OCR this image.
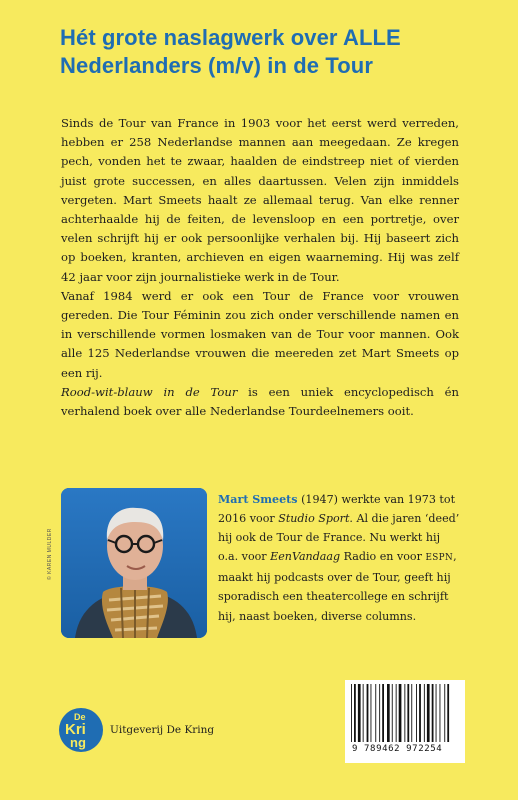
Hét grote naslagwerk over ALLE
Nederlanders (m/v) in de Tour

Sinds de Tour van France in 1903 voor het eerst werd verreden, hebben er 258 Nederlandse mannen aan meegedaan. Ze kregen pech, vonden het te zwaar, haalden de eindstreep niet of vierden juist grote successen, en alles daartussen. Velen zijn inmiddels vergeten. Mart Smeets haalt ze allemaal terug. Van elke renner achterhaalde hij de feiten, de levensloop en een portretje, over velen schrijft hij er ook persoonlijke verhalen bij. Hij baseert zich op boeken, kranten, archieven en eigen waarneming. Hij was zelf 42 jaar voor zijn journalistieke werk in de Tour.

Vanaf 1984 werd er ook een Tour de France voor vrouwen gereden. Die Tour Féminin zou zich onder verschillende namen en in verschillende vormen losmaken van de Tour voor mannen. Ook alle 125 Nederlandse vrouwen die meereden zet Mart Smeets op een rij.

Rood-wit-blauw in de Tour is een uniek encyclopedisch én verhalend boek over alle Nederlandse Tourdeelnemers ooit.

© KAREN MULDER
Mart Smeets (1947) werkte van 1973 tot 2016 voor Studio Sport. Al die jaren ‘deed’ hij ook de Tour de France. Nu werkt hij o.a. voor EenVandaag Radio en voor ESPN, maakt hij podcasts over de Tour, geeft hij sporadisch een theatercollege en schrijft hij, naast boeken, diverse columns.
De
Kri
ng
Uitgeverij De Kring
9 789462 972254
